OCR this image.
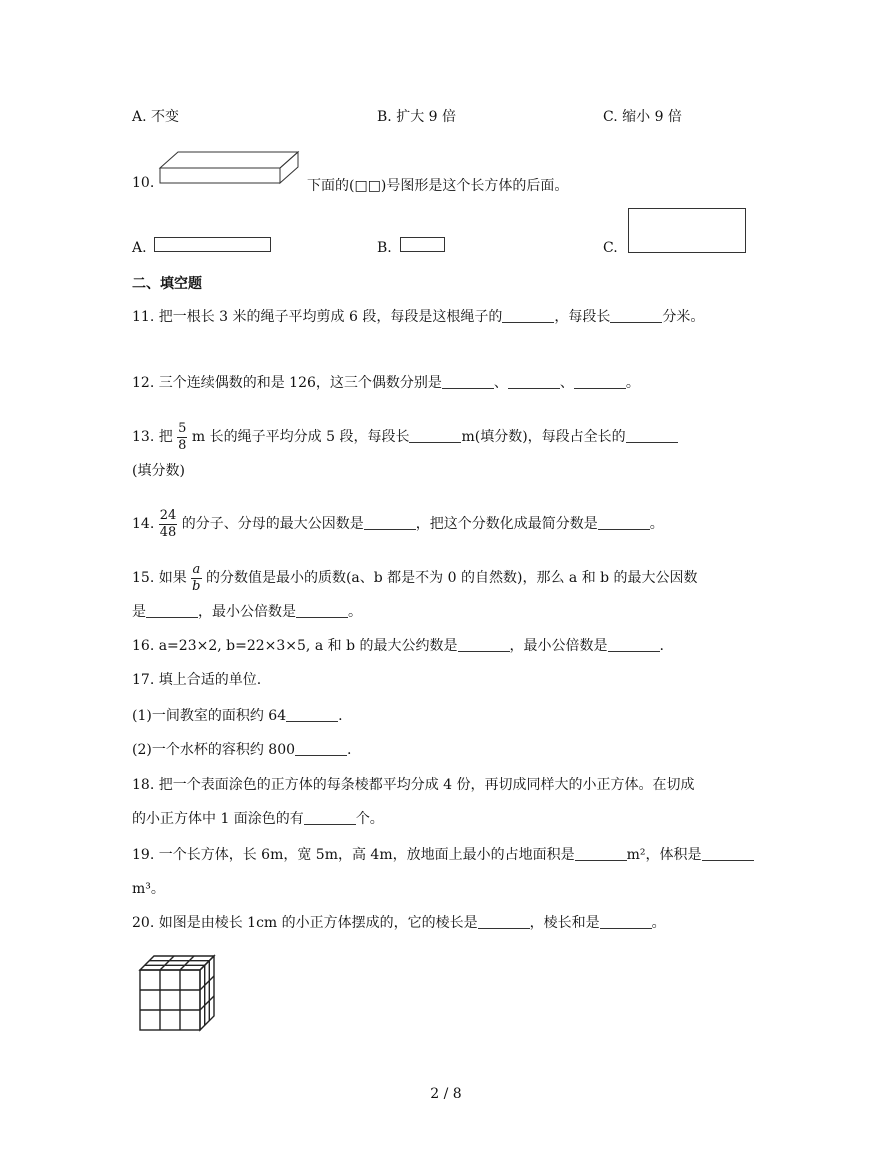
A. 不变	B. 扩大 9 倍	C. 缩小 9 倍
10.	下面的(□□)号图形是这个长方体的后面。
A.	B.	C.
二、填空题
11. 把一根长 3 米的绳子平均剪成 6 段，每段是这根绳子的	，每段长	分米。
12. 三个连续偶数的和是 126，这三个偶数分别是	、	、	。
13. 把 $\frac{5}{8}$ m 长的绳子平均分成 5 段，每段长	m(填分数)，每段占全长的
(填分数)
14. $\frac{24}{48}$ 的分子、分母的最大公因数是	，把这个分数化成最简分数是	。
15. 如果 $\frac{a}{b}$ 的分数值是最小的质数(a、b 都是不为 0 的自然数)，那么 a 和 b 的最大公因数
是	，最小公倍数是	。
16. a=23×2, b=22×3×5, a 和 b 的最大公约数是	，最小公倍数是	.
17. 填上合适的单位.
(1)一间教室的面积约 64	.
(2)一个水杯的容积约 800	.
18. 把一个表面涂色的正方体的每条棱都平均分成 4 份，再切成同样大的小正方体。在切成
的小正方体中 1 面涂色的有	个。
19. 一个长方体，长 6m，宽 5m，高 4m，放地面上最小的占地面积是	m²，体积是
m³。
20. 如图是由棱长 1cm 的小正方体摆成的，它的棱长是	，棱长和是	。
2 / 8
